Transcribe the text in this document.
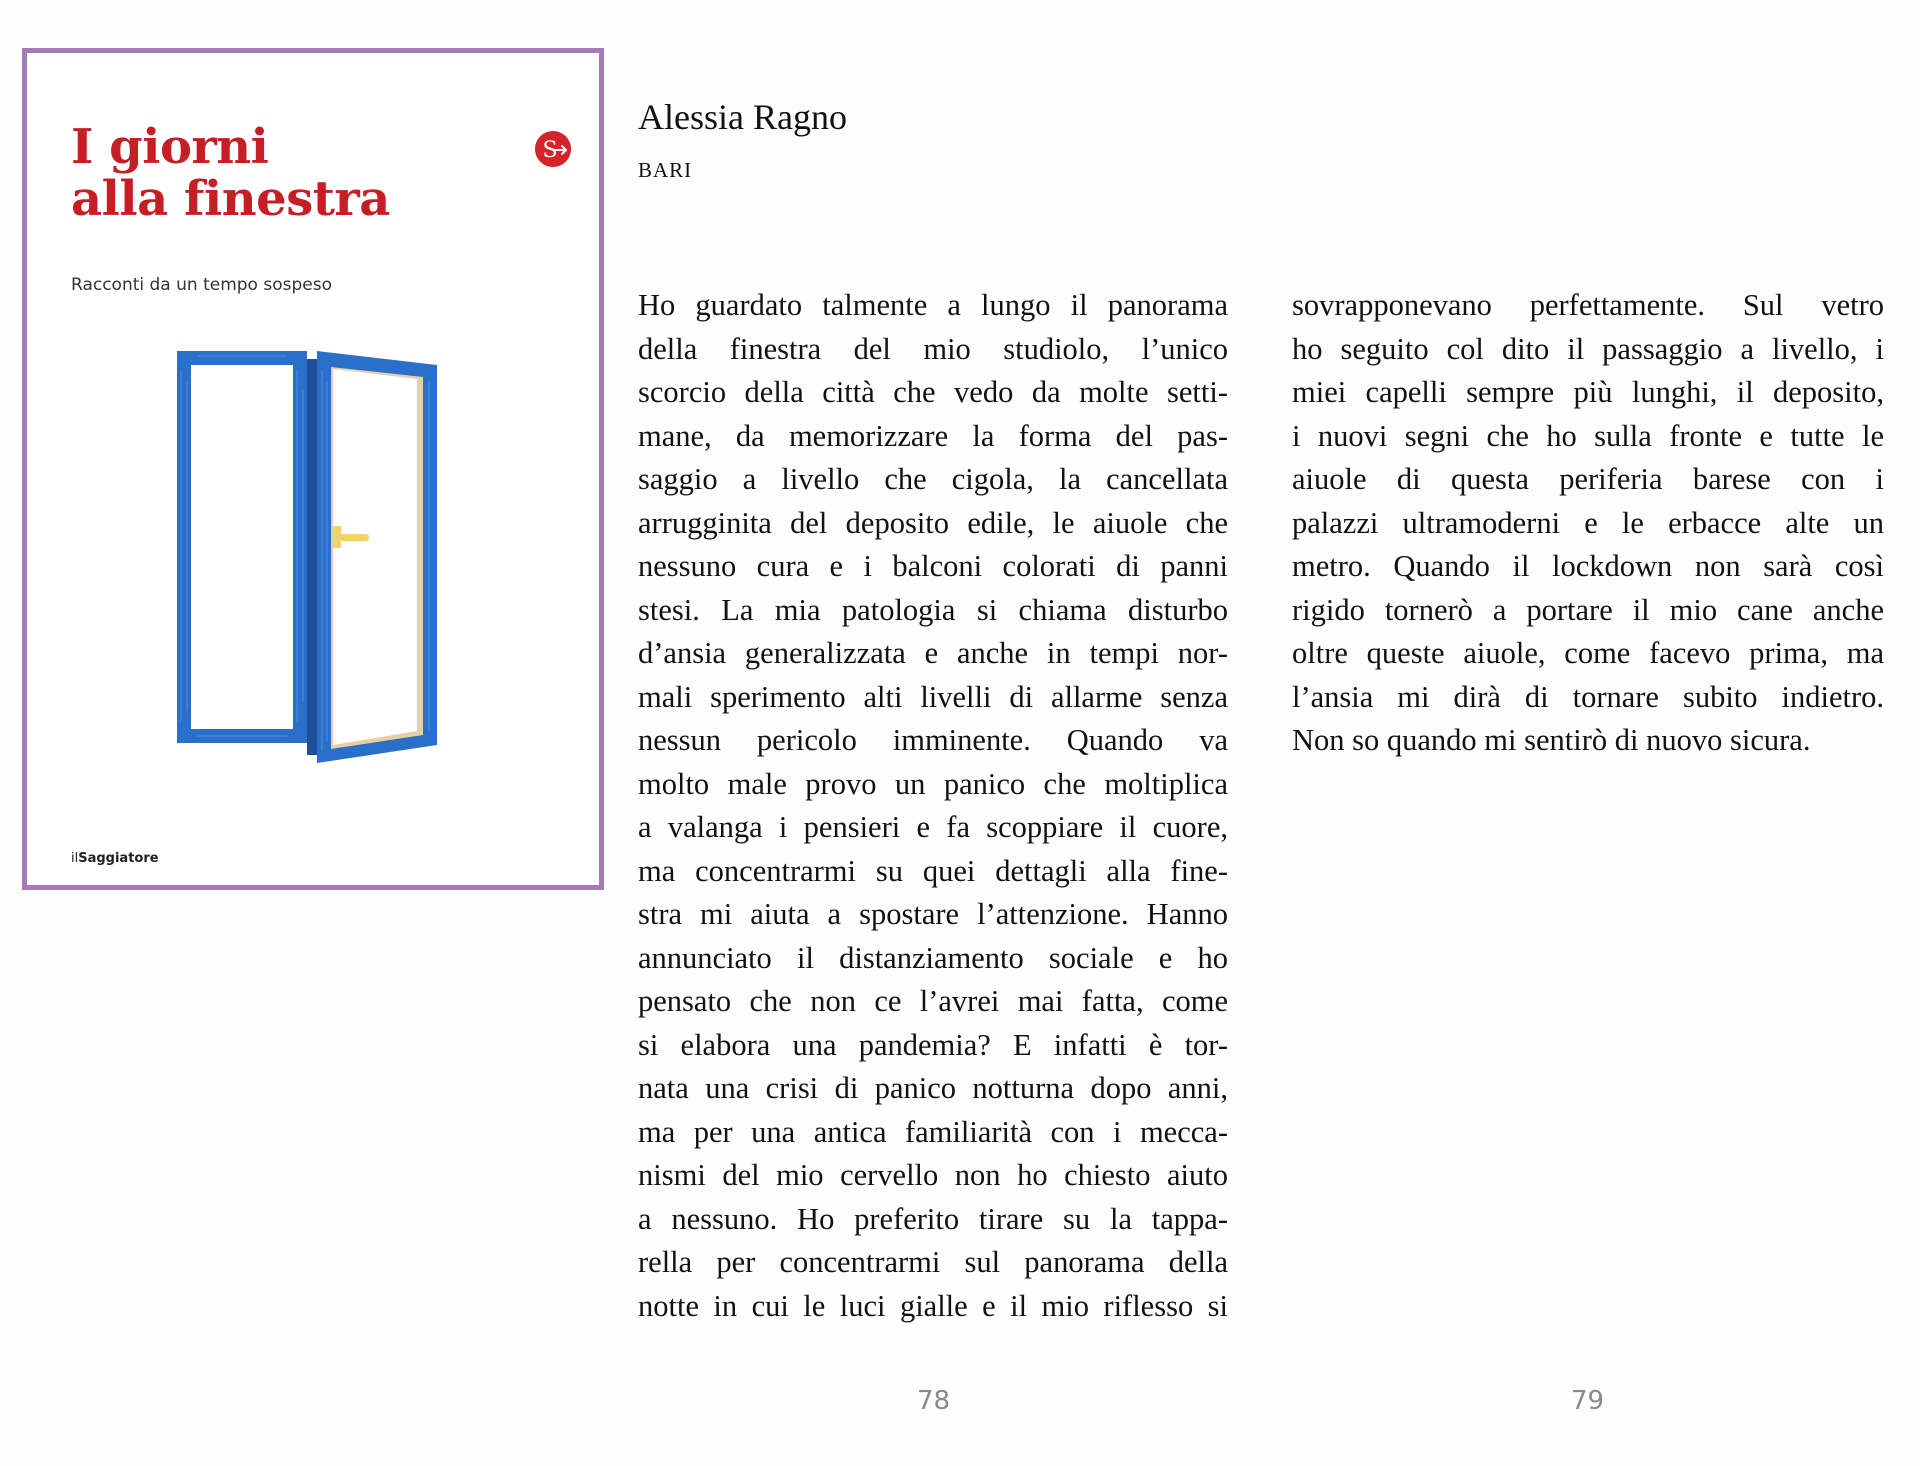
I giorni
alla finestra
S
Racconti da un tempo sospeso
ilSaggiatore
Alessia Ragno
BARI
Ho guardato talmente a lungo il panorama
della finestra del mio studiolo, l’unico
scorcio della città che vedo da molte setti-
mane, da memorizzare la forma del pas-
saggio a livello che cigola, la cancellata
arrugginita del deposito edile, le aiuole che
nessuno cura e i balconi colorati di panni
stesi. La mia patologia si chiama disturbo
d’ansia generalizzata e anche in tempi nor-
mali sperimento alti livelli di allarme senza
nessun pericolo imminente. Quando va
molto male provo un panico che moltiplica
a valanga i pensieri e fa scoppiare il cuore,
ma concentrarmi su quei dettagli alla fine-
stra mi aiuta a spostare l’attenzione. Hanno
annunciato il distanziamento sociale e ho
pensato che non ce l’avrei mai fatta, come
si elabora una pandemia? E infatti è tor-
nata una crisi di panico notturna dopo anni,
ma per una antica familiarità con i mecca-
nismi del mio cervello non ho chiesto aiuto
a nessuno. Ho preferito tirare su la tappa-
rella per concentrarmi sul panorama della
notte in cui le luci gialle e il mio riflesso si
sovrapponevano perfettamente. Sul vetro
ho seguito col dito il passaggio a livello, i
miei capelli sempre più lunghi, il deposito,
i nuovi segni che ho sulla fronte e tutte le
aiuole di questa periferia barese con i
palazzi ultramoderni e le erbacce alte un
metro. Quando il lockdown non sarà così
rigido tornerò a portare il mio cane anche
oltre queste aiuole, come facevo prima, ma
l’ansia mi dirà di tornare subito indietro.
Non so quando mi sentirò di nuovo sicura.
78	79
